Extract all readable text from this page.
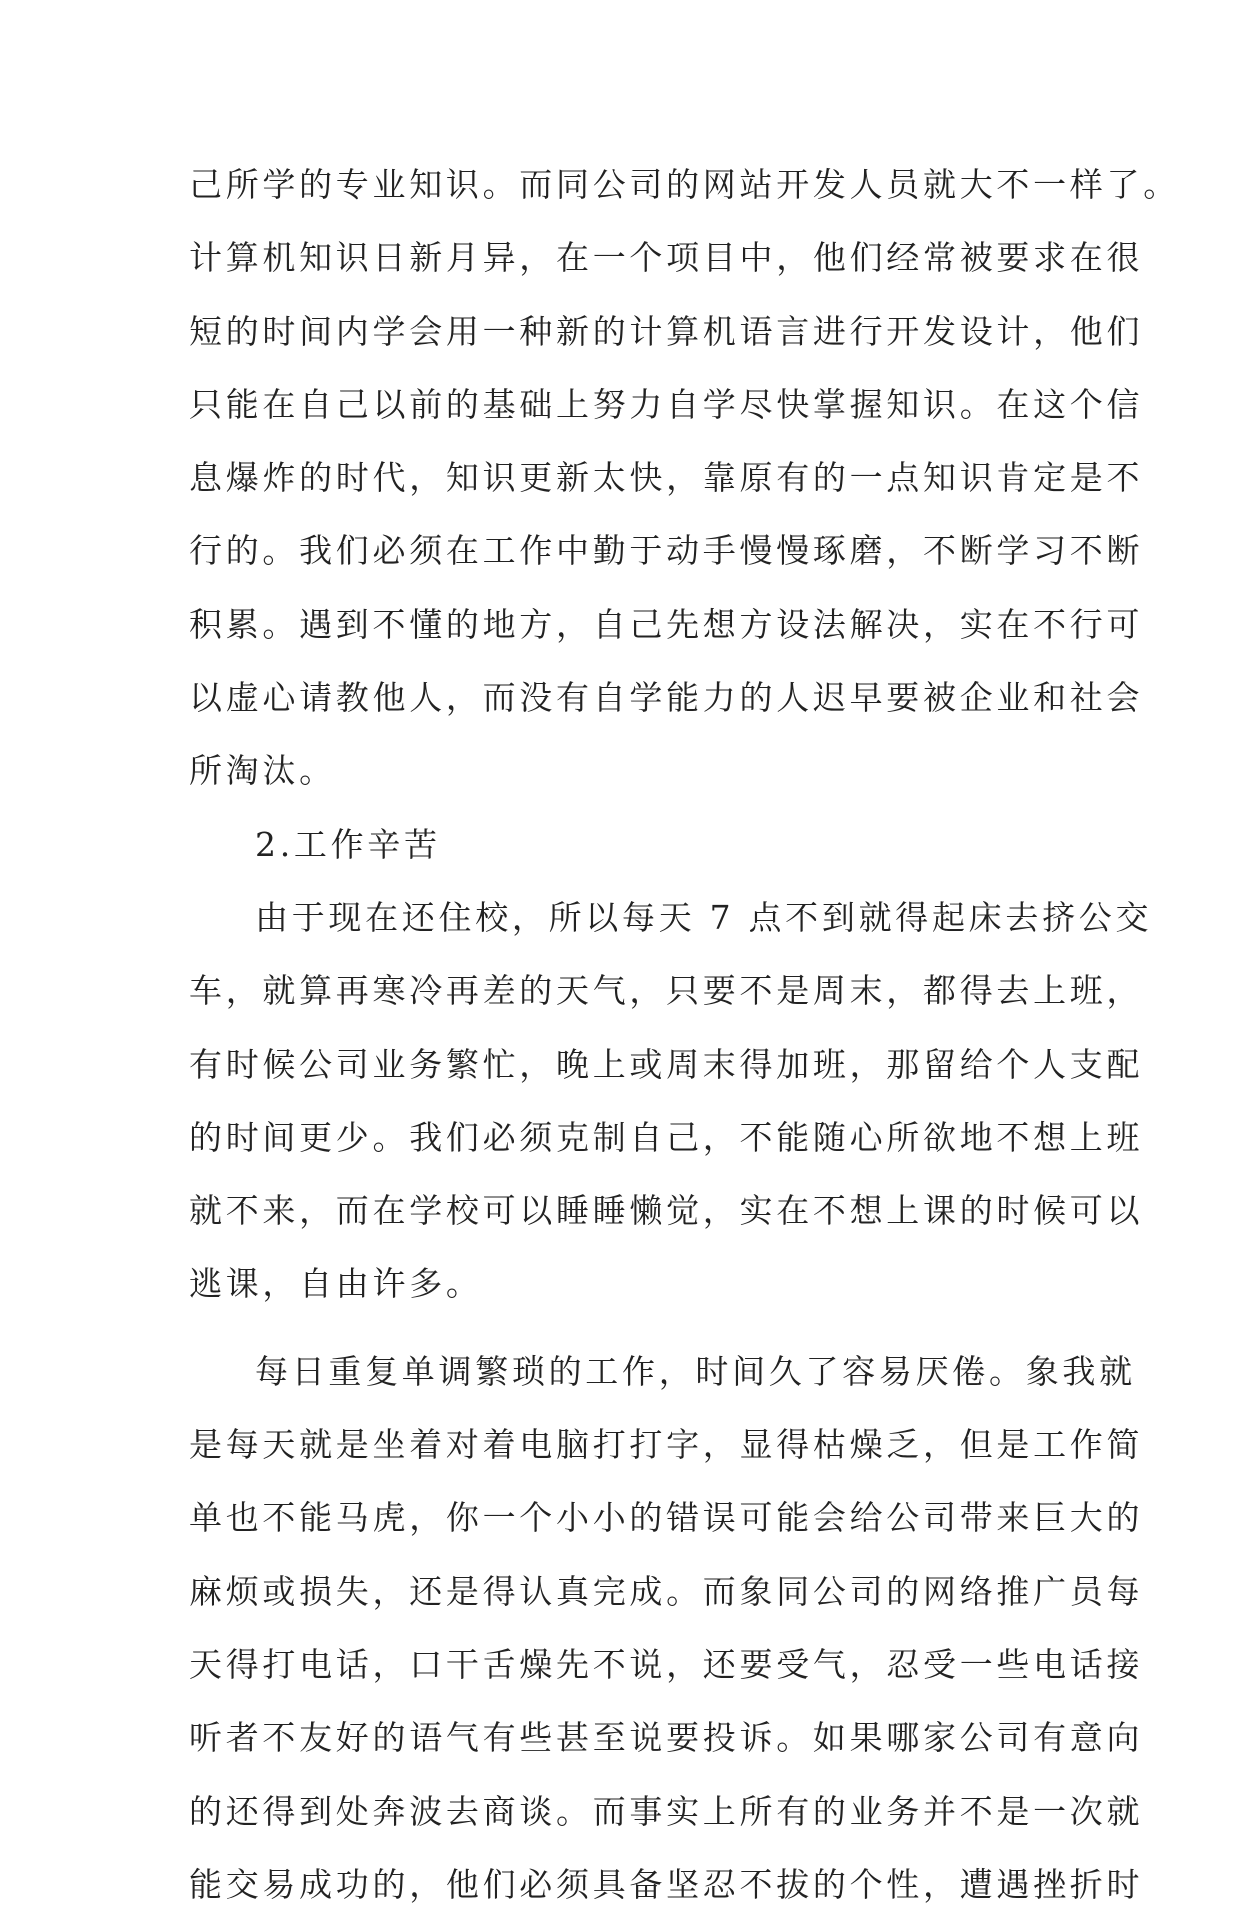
己所学的专业知识。而同公司的网站开发人员就大不一样了。
计算机知识日新月异，在一个项目中，他们经常被要求在很
短的时间内学会用一种新的计算机语言进行开发设计，他们
只能在自己以前的基础上努力自学尽快掌握知识。在这个信
息爆炸的时代，知识更新太快，靠原有的一点知识肯定是不
行的。我们必须在工作中勤于动手慢慢琢磨，不断学习不断
积累。遇到不懂的地方，自己先想方设法解决，实在不行可
以虚心请教他人，而没有自学能力的人迟早要被企业和社会
所淘汰。
2.工作辛苦
由于现在还住校，所以每天 7 点不到就得起床去挤公交
车，就算再寒冷再差的天气，只要不是周末，都得去上班，
有时候公司业务繁忙，晚上或周末得加班，那留给个人支配
的时间更少。我们必须克制自己，不能随心所欲地不想上班
就不来，而在学校可以睡睡懒觉，实在不想上课的时候可以
逃课，自由许多。
每日重复单调繁琐的工作，时间久了容易厌倦。象我就
是每天就是坐着对着电脑打打字，显得枯燥乏，但是工作简
单也不能马虎，你一个小小的错误可能会给公司带来巨大的
麻烦或损失，还是得认真完成。而象同公司的网络推广员每
天得打电话，口干舌燥先不说，还要受气，忍受一些电话接
听者不友好的语气有些甚至说要投诉。如果哪家公司有意向
的还得到处奔波去商谈。而事实上所有的业务并不是一次就
能交易成功的，他们必须具备坚忍不拔的个性，遭遇挫折时
